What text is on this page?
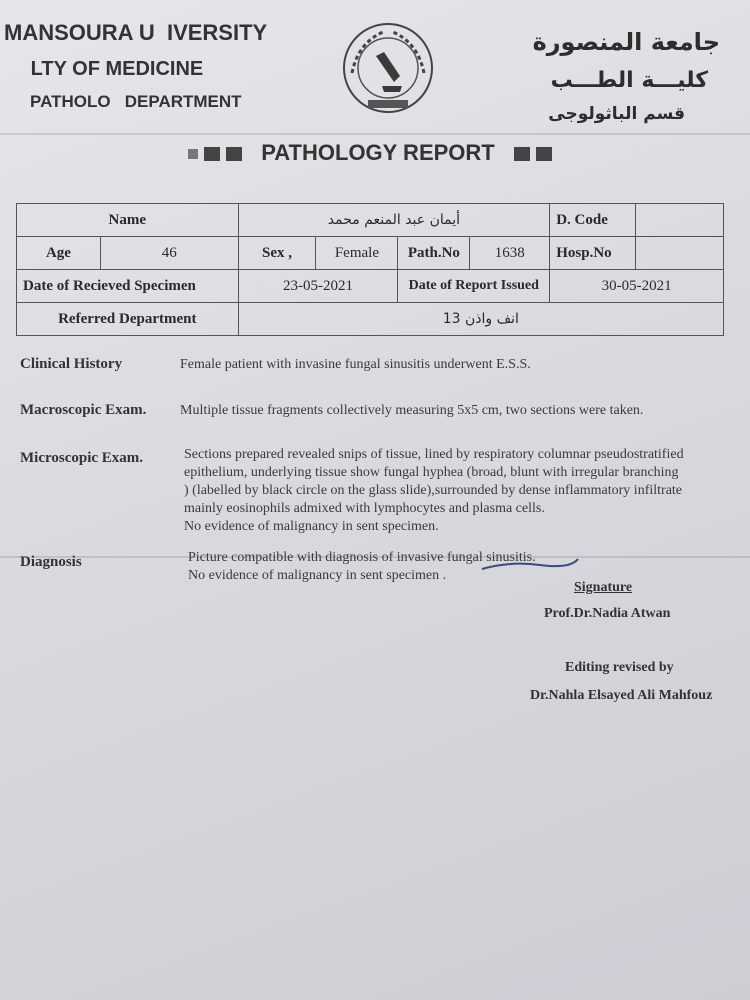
MANSOURA U  IVERSITY
LTY OF MEDICINE
PATHOLO   DEPARTMENT
جامعة المنصورة
كليـــة الطـــب
قسم الباثولوجى
PATHOLOGY REPORT
Name		أيمان عبد المنعم محمد				D. Code	
Age	46	Sex ,	Female	Path.No	1638	Hosp.No	
Date of Recieved Specimen		23-05-2021		Date of Report Issued		30-05-2021	
Referred Department		انف واذن 13					
Clinical History	Female patient with invasine fungal sinusitis underwent E.S.S.
Macroscopic Exam. Multiple tissue fragments collectively measuring 5x5 cm, two sections were taken.
Microscopic Exam.	Sections prepared revealed snips of tissue, lined by respiratory columnar pseudostratified
epithelium, underlying tissue show fungal hyphea (broad, blunt with irregular branching
) (labelled by black circle on the glass slide),surrounded by dense inflammatory infiltrate
mainly eosinophils admixed with lymphocytes and plasma cells.
No evidence of malignancy in sent specimen.
Diagnosis	Picture compatible with diagnosis of invasive fungal sinusitis.
No evidence of malignancy in sent specimen .
Signature
Prof.Dr.Nadia Atwan
Editing revised by
Dr.Nahla Elsayed Ali Mahfouz
